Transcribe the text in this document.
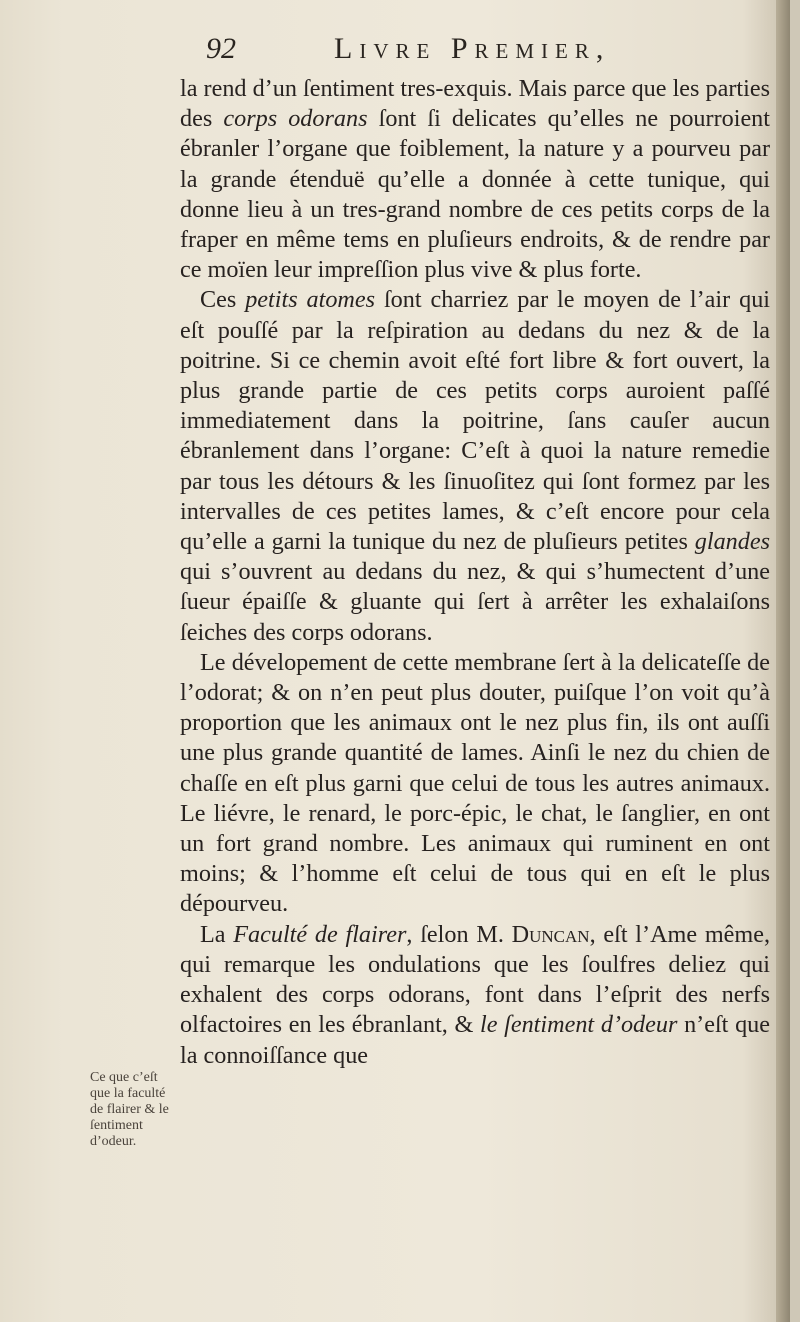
92	Livre Premier,

la rend d’un ſentiment tres-exquis. Mais parce que les parties des corps odorans ſont ſi delicates qu’elles ne pourroient ébranler l’organe que foiblement, la nature y a pourveu par la grande étenduë qu’elle a donnée à cette tunique, qui donne lieu à un tres-grand nombre de ces petits corps de la fraper en même tems en pluſieurs endroits, & de rendre par ce moïen leur impreſſion plus vive & plus forte.

Ces petits atomes ſont charriez par le moyen de l’air qui eſt pouſſé par la reſpiration au dedans du nez & de la poitrine. Si ce chemin avoit eſté fort libre & fort ouvert, la plus grande partie de ces petits corps auroient paſſé immediatement dans la poitrine, ſans cauſer aucun ébranlement dans l’organe: C’eſt à quoi la nature remedie par tous les détours & les ſinuoſitez qui ſont formez par les intervalles de ces petites lames, & c’eſt encore pour cela qu’elle a garni la tunique du nez de pluſieurs petites glandes qui s’ouvrent au dedans du nez, & qui s’humectent d’une ſueur épaiſſe & gluante qui ſert à arrêter les exhalaiſons ſeiches des corps odorans.

Le dévelopement de cette membrane ſert à la delicateſſe de l’odorat; & on n’en peut plus douter, puiſque l’on voit qu’à proportion que les animaux ont le nez plus fin, ils ont auſſi une plus grande quantité de lames. Ainſi le nez du chien de chaſſe en eſt plus garni que celui de tous les autres animaux. Le liévre, le renard, le porc-épic, le chat, le ſanglier, en ont un fort grand nombre. Les animaux qui ruminent en ont moins; & l’homme eſt celui de tous qui en eſt le plus dépourveu.

La Faculté de flairer, ſelon M. Duncan, eſt l’Ame même, qui remarque les ondulations que les ſoulfres deliez qui exhalent des corps odorans, font dans l’eſprit des nerfs olfactoires en les ébranlant, & le ſentiment d’odeur n’eſt que la connoiſſance que

Ce que c’eſt que la faculté de flairer & le ſentiment d’odeur.
